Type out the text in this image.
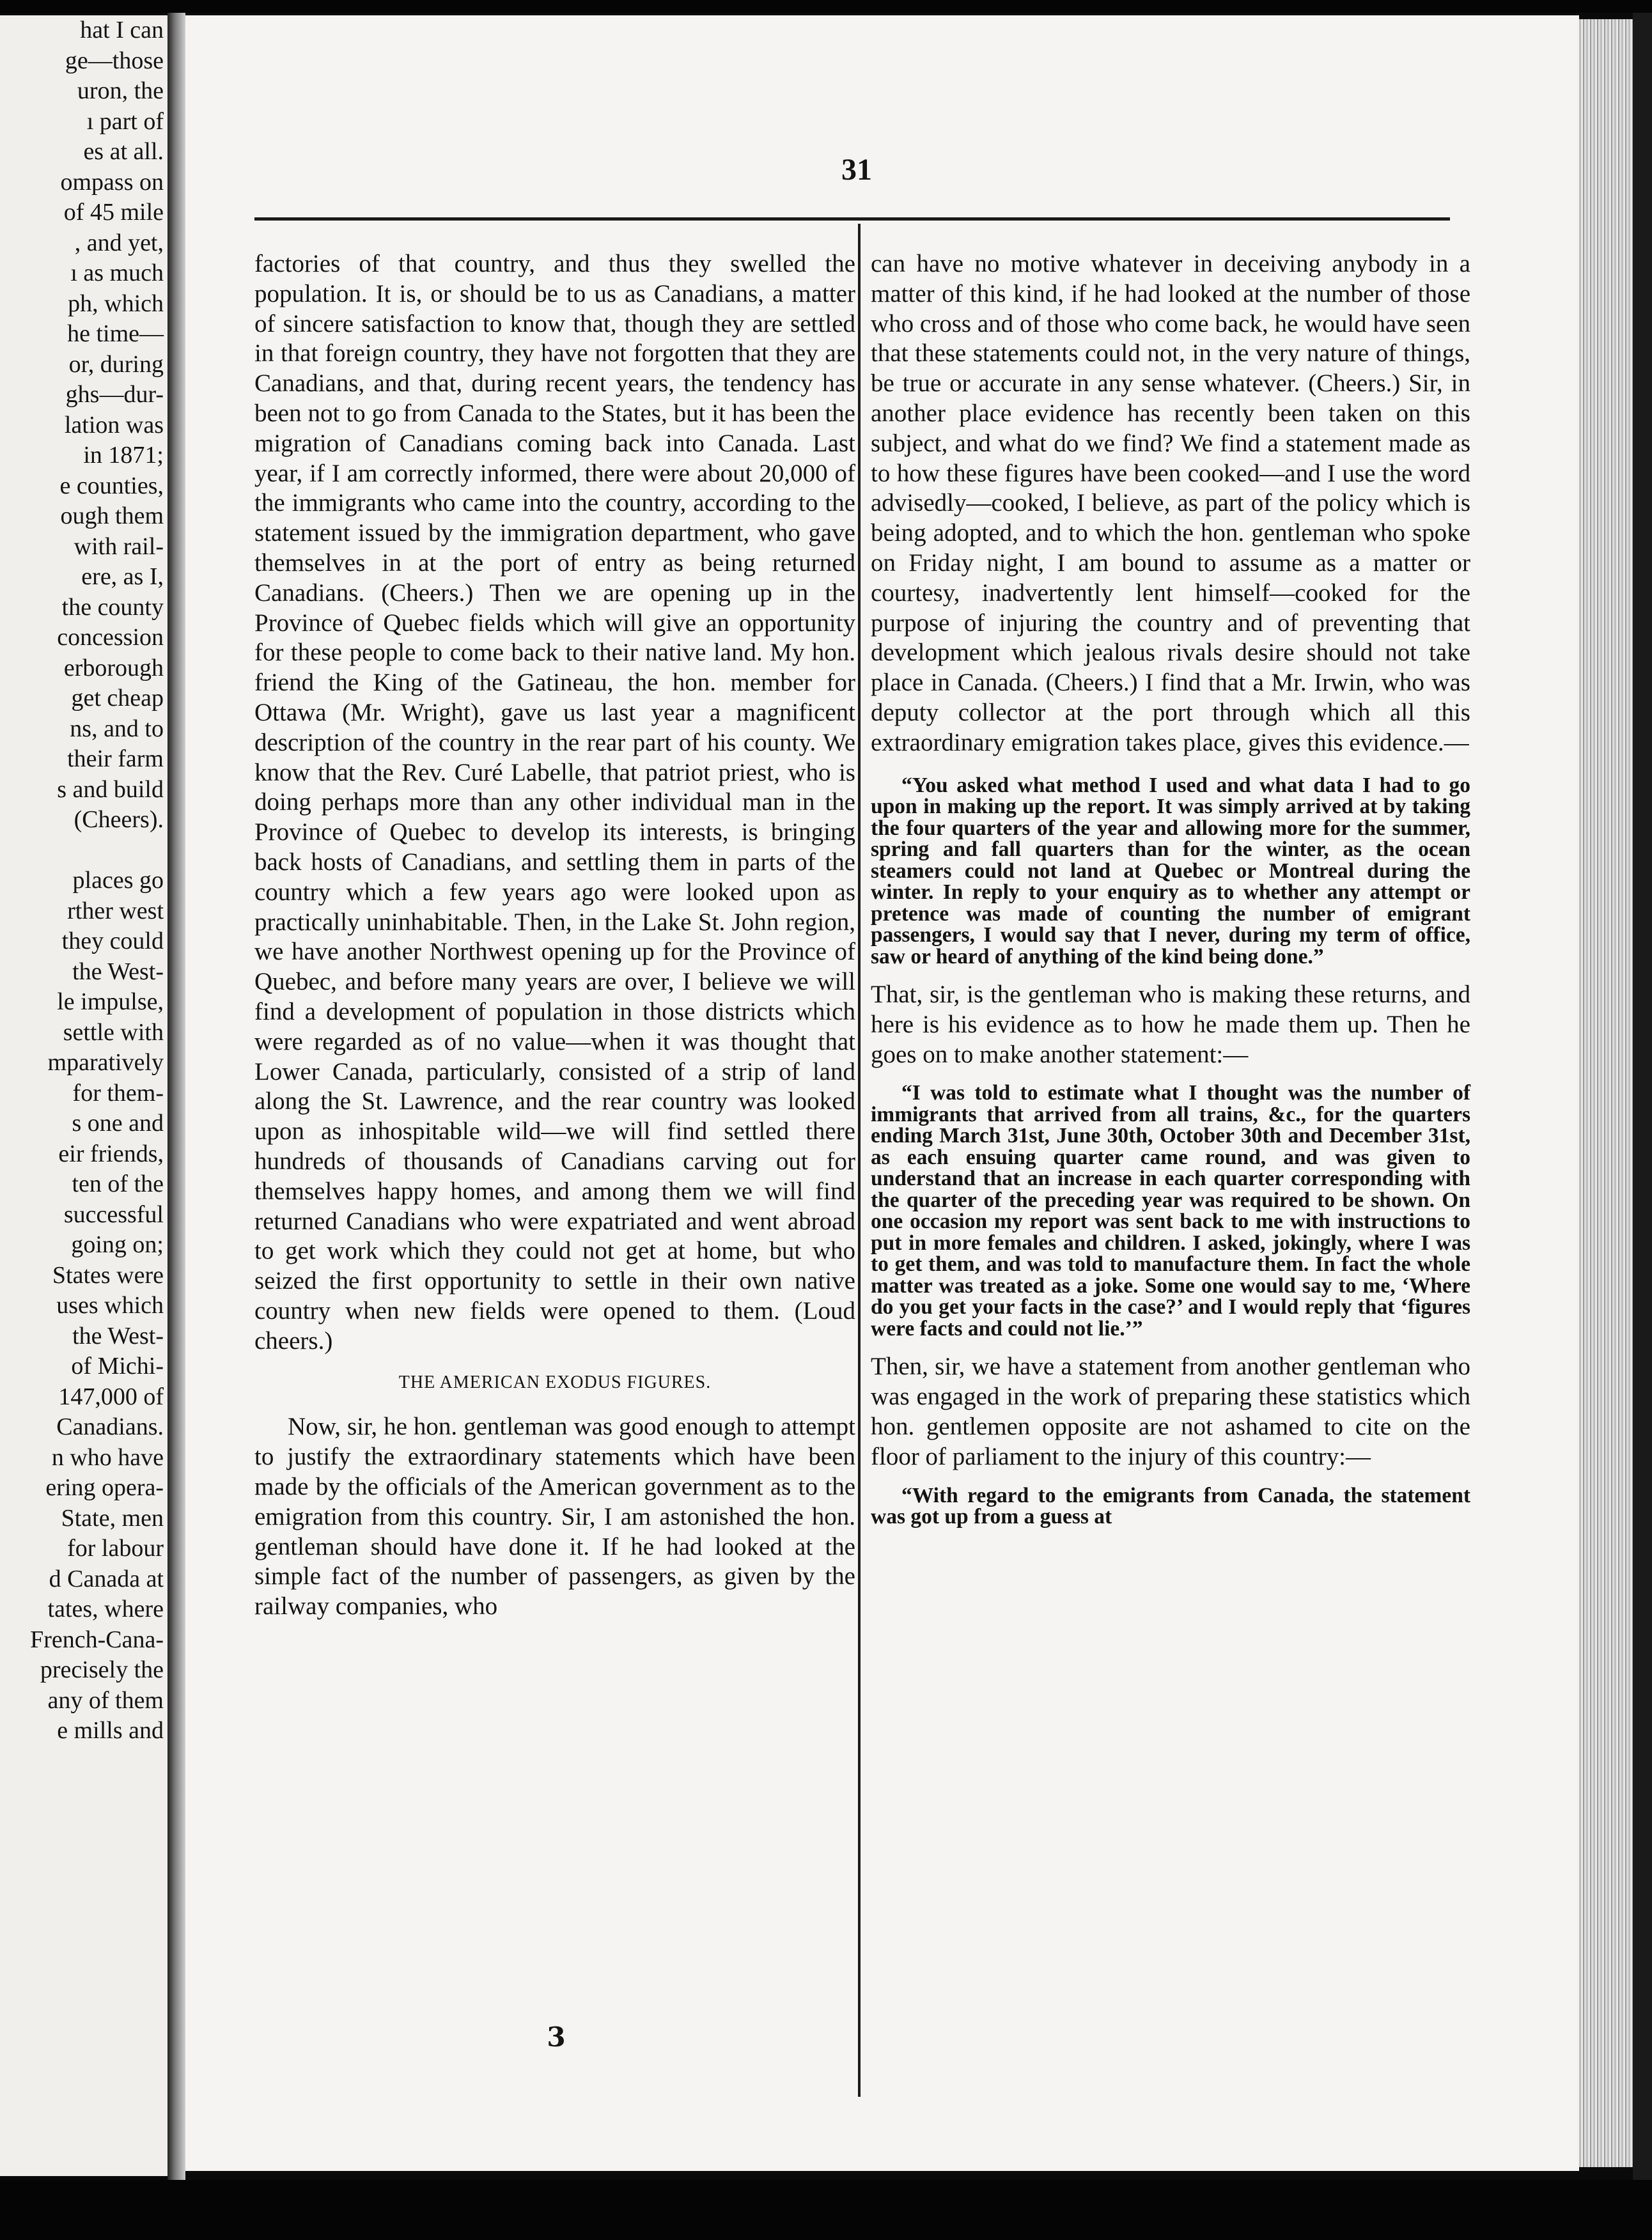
hat I can
ge—those
uron, the
ı part of
es at all.
ompass on
of 45 mile
, and yet,
ı as much
ph, which
he time—
or, during
ghs—dur-
lation was
in 1871;
e counties,
ough them
with rail-
ere, as I,
the county
concession
erborough
get cheap
ns, and to
their farm
s and build
(Cheers).

places go
rther west
they could
the West-
le impulse,
settle with
mparatively
for them-
s one and
eir friends,
ten of the
successful
going on;
States were
uses which
the West-
of Michi-
147,000 of
Canadians.
n who have
ering opera-
State, men
for labour
d Canada at
tates, where
French-Cana-
precisely the
any of them
e mills and
31

factories of that country, and thus they swelled the population. It is, or should be to us as Canadians, a matter of sincere satisfaction to know that, though they are settled in that foreign country, they have not forgotten that they are Canadians, and that, during recent years, the tendency has been not to go from Canada to the States, but it has been the migration of Canadians coming back into Canada. Last year, if I am correctly informed, there were about 20,000 of the immigrants who came into the country, according to the statement issued by the immigration department, who gave themselves in at the port of entry as being returned Canadians. (Cheers.) Then we are opening up in the Province of Quebec fields which will give an opportunity for these people to come back to their native land. My hon. friend the King of the Gatineau, the hon. member for Ottawa (Mr. Wright), gave us last year a magnificent description of the country in the rear part of his county. We know that the Rev. Curé Labelle, that patriot priest, who is doing perhaps more than any other individual man in the Province of Quebec to develop its interests, is bringing back hosts of Canadians, and settling them in parts of the country which a few years ago were looked upon as practically uninhabitable. Then, in the Lake St. John region, we have another Northwest opening up for the Province of Quebec, and before many years are over, I believe we will find a development of population in those districts which were regarded as of no value—when it was thought that Lower Canada, particularly, consisted of a strip of land along the St. Lawrence, and the rear country was looked upon as inhospitable wild—we will find settled there hundreds of thousands of Canadians carving out for themselves happy homes, and among them we will find returned Canadians who were expatriated and went abroad to get work which they could not get at home, but who seized the first opportunity to settle in their own native country when new fields were opened to them. (Loud cheers.)

THE AMERICAN EXODUS FIGURES.

Now, sir, he hon. gentleman was good enough to attempt to justify the extraordinary statements which have been made by the officials of the American government as to the emigration from this country. Sir, I am astonished the hon. gentleman should have done it. If he had looked at the simple fact of the number of passengers, as given by the railway companies, who

can have no motive whatever in deceiving anybody in a matter of this kind, if he had looked at the number of those who cross and of those who come back, he would have seen that these statements could not, in the very nature of things, be true or accurate in any sense whatever. (Cheers.) Sir, in another place evidence has recently been taken on this subject, and what do we find? We find a statement made as to how these figures have been cooked—and I use the word advisedly—cooked, I believe, as part of the policy which is being adopted, and to which the hon. gentleman who spoke on Friday night, I am bound to assume as a matter or courtesy, inadvertently lent himself—cooked for the purpose of injuring the country and of preventing that development which jealous rivals desire should not take place in Canada. (Cheers.) I find that a Mr. Irwin, who was deputy collector at the port through which all this extraordinary emigration takes place, gives this evidence.—

“You asked what method I used and what data I had to go upon in making up the report. It was simply arrived at by taking the four quarters of the year and allowing more for the summer, spring and fall quarters than for the winter, as the ocean steamers could not land at Quebec or Montreal during the winter. In reply to your enquiry as to whether any attempt or pretence was made of counting the number of emigrant passengers, I would say that I never, during my term of office, saw or heard of anything of the kind being done.”

That, sir, is the gentleman who is making these returns, and here is his evidence as to how he made them up. Then he goes on to make another statement:—

“I was told to estimate what I thought was the number of immigrants that arrived from all trains, &c., for the quarters ending March 31st, June 30th, October 30th and December 31st, as each ensuing quarter came round, and was given to understand that an increase in each quarter corresponding with the quarter of the preceding year was required to be shown. On one occasion my report was sent back to me with instructions to put in more females and children. I asked, jokingly, where I was to get them, and was told to manufacture them. In fact the whole matter was treated as a joke. Some one would say to me, ‘Where do you get your facts in the case?’ and I would reply that ‘figures were facts and could not lie.’”

Then, sir, we have a statement from another gentleman who was engaged in the work of preparing these statistics which hon. gentlemen opposite are not ashamed to cite on the floor of parliament to the injury of this country:—

“With regard to the emigrants from Canada, the statement was got up from a guess at

3
